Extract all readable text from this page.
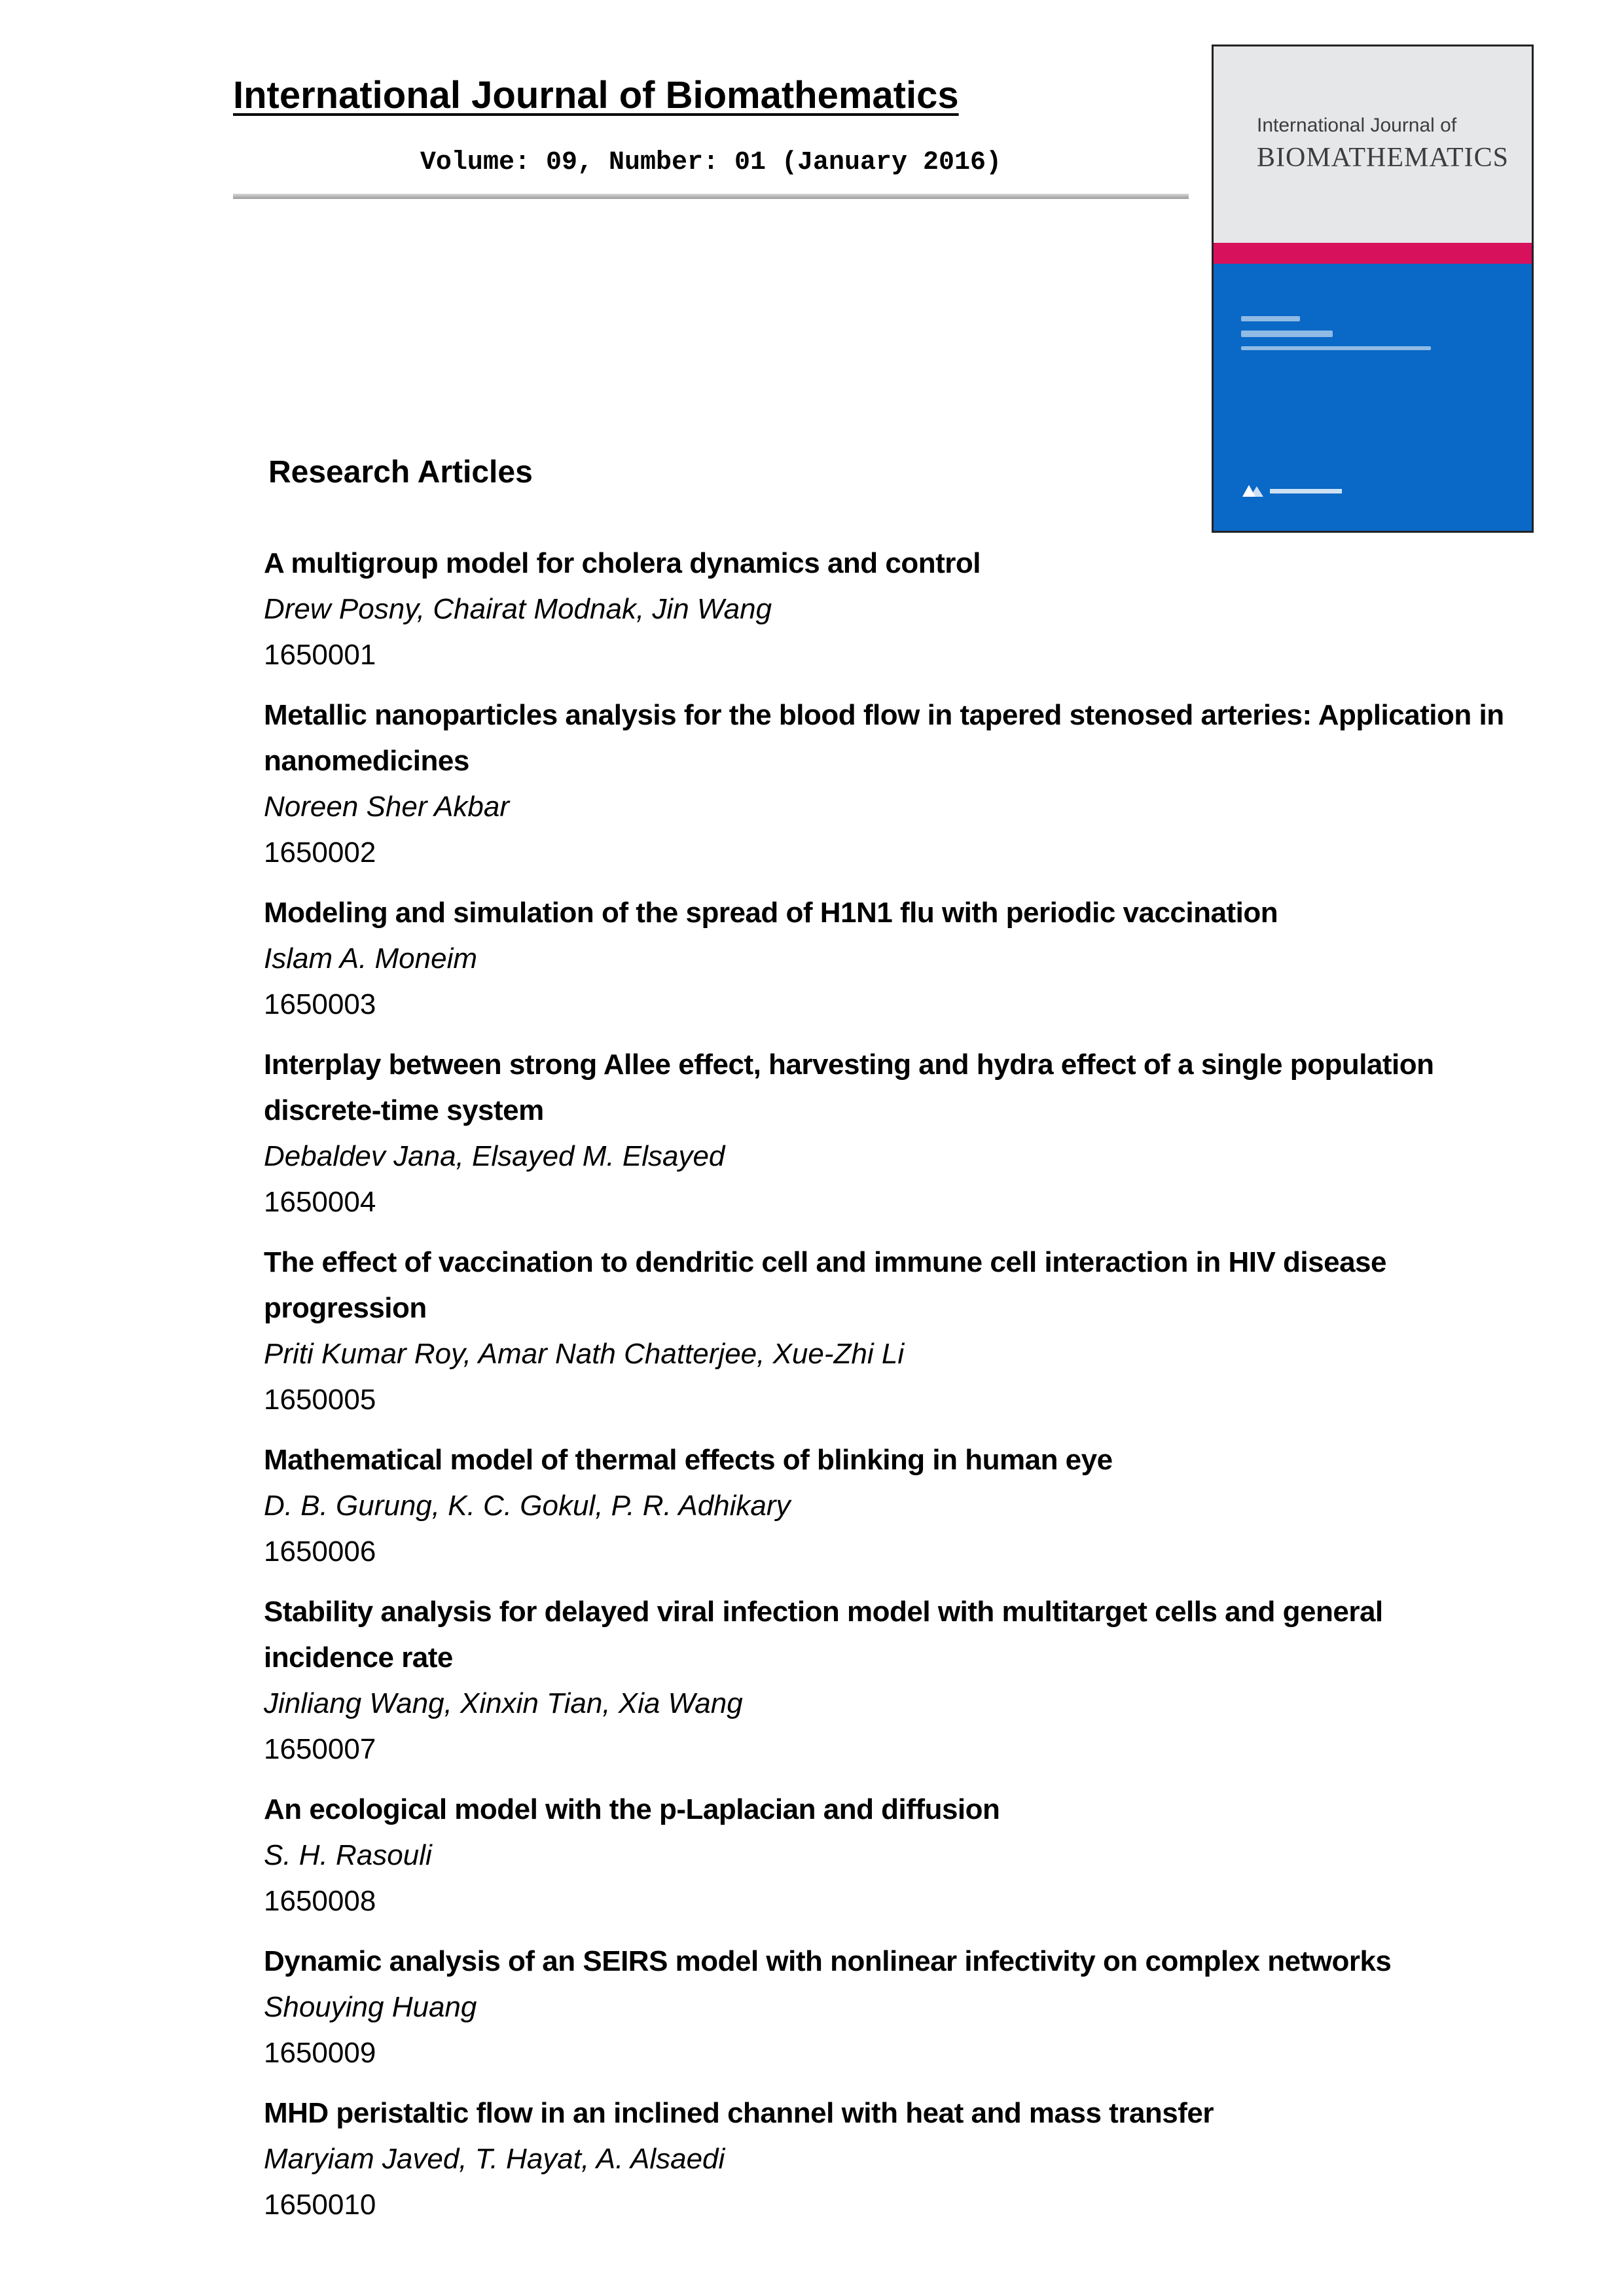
International Journal of Biomathematics
Volume: 09, Number: 01 (January 2016)
International Journal of
BIOMATHEMATICS
Research Articles
A multigroup model for cholera dynamics and control
Drew Posny, Chairat Modnak, Jin Wang
1650001
Metallic nanoparticles analysis for the blood flow in tapered stenosed arteries: Application in nanomedicines
Noreen Sher Akbar
1650002
Modeling and simulation of the spread of H1N1 flu with periodic vaccination
Islam A. Moneim
1650003
Interplay between strong Allee effect, harvesting and hydra effect of a single population discrete-time system
Debaldev Jana, Elsayed M. Elsayed
1650004
The effect of vaccination to dendritic cell and immune cell interaction in HIV disease progression
Priti Kumar Roy, Amar Nath Chatterjee, Xue-Zhi Li
1650005
Mathematical model of thermal effects of blinking in human eye
D. B. Gurung, K. C. Gokul, P. R. Adhikary
1650006
Stability analysis for delayed viral infection model with multitarget cells and general incidence rate
Jinliang Wang, Xinxin Tian, Xia Wang
1650007
An ecological model with the p-Laplacian and diffusion
S. H. Rasouli
1650008
Dynamic analysis of an SEIRS model with nonlinear infectivity on complex networks
Shouying Huang
1650009
MHD peristaltic flow in an inclined channel with heat and mass transfer
Maryiam Javed, T. Hayat, A. Alsaedi
1650010
